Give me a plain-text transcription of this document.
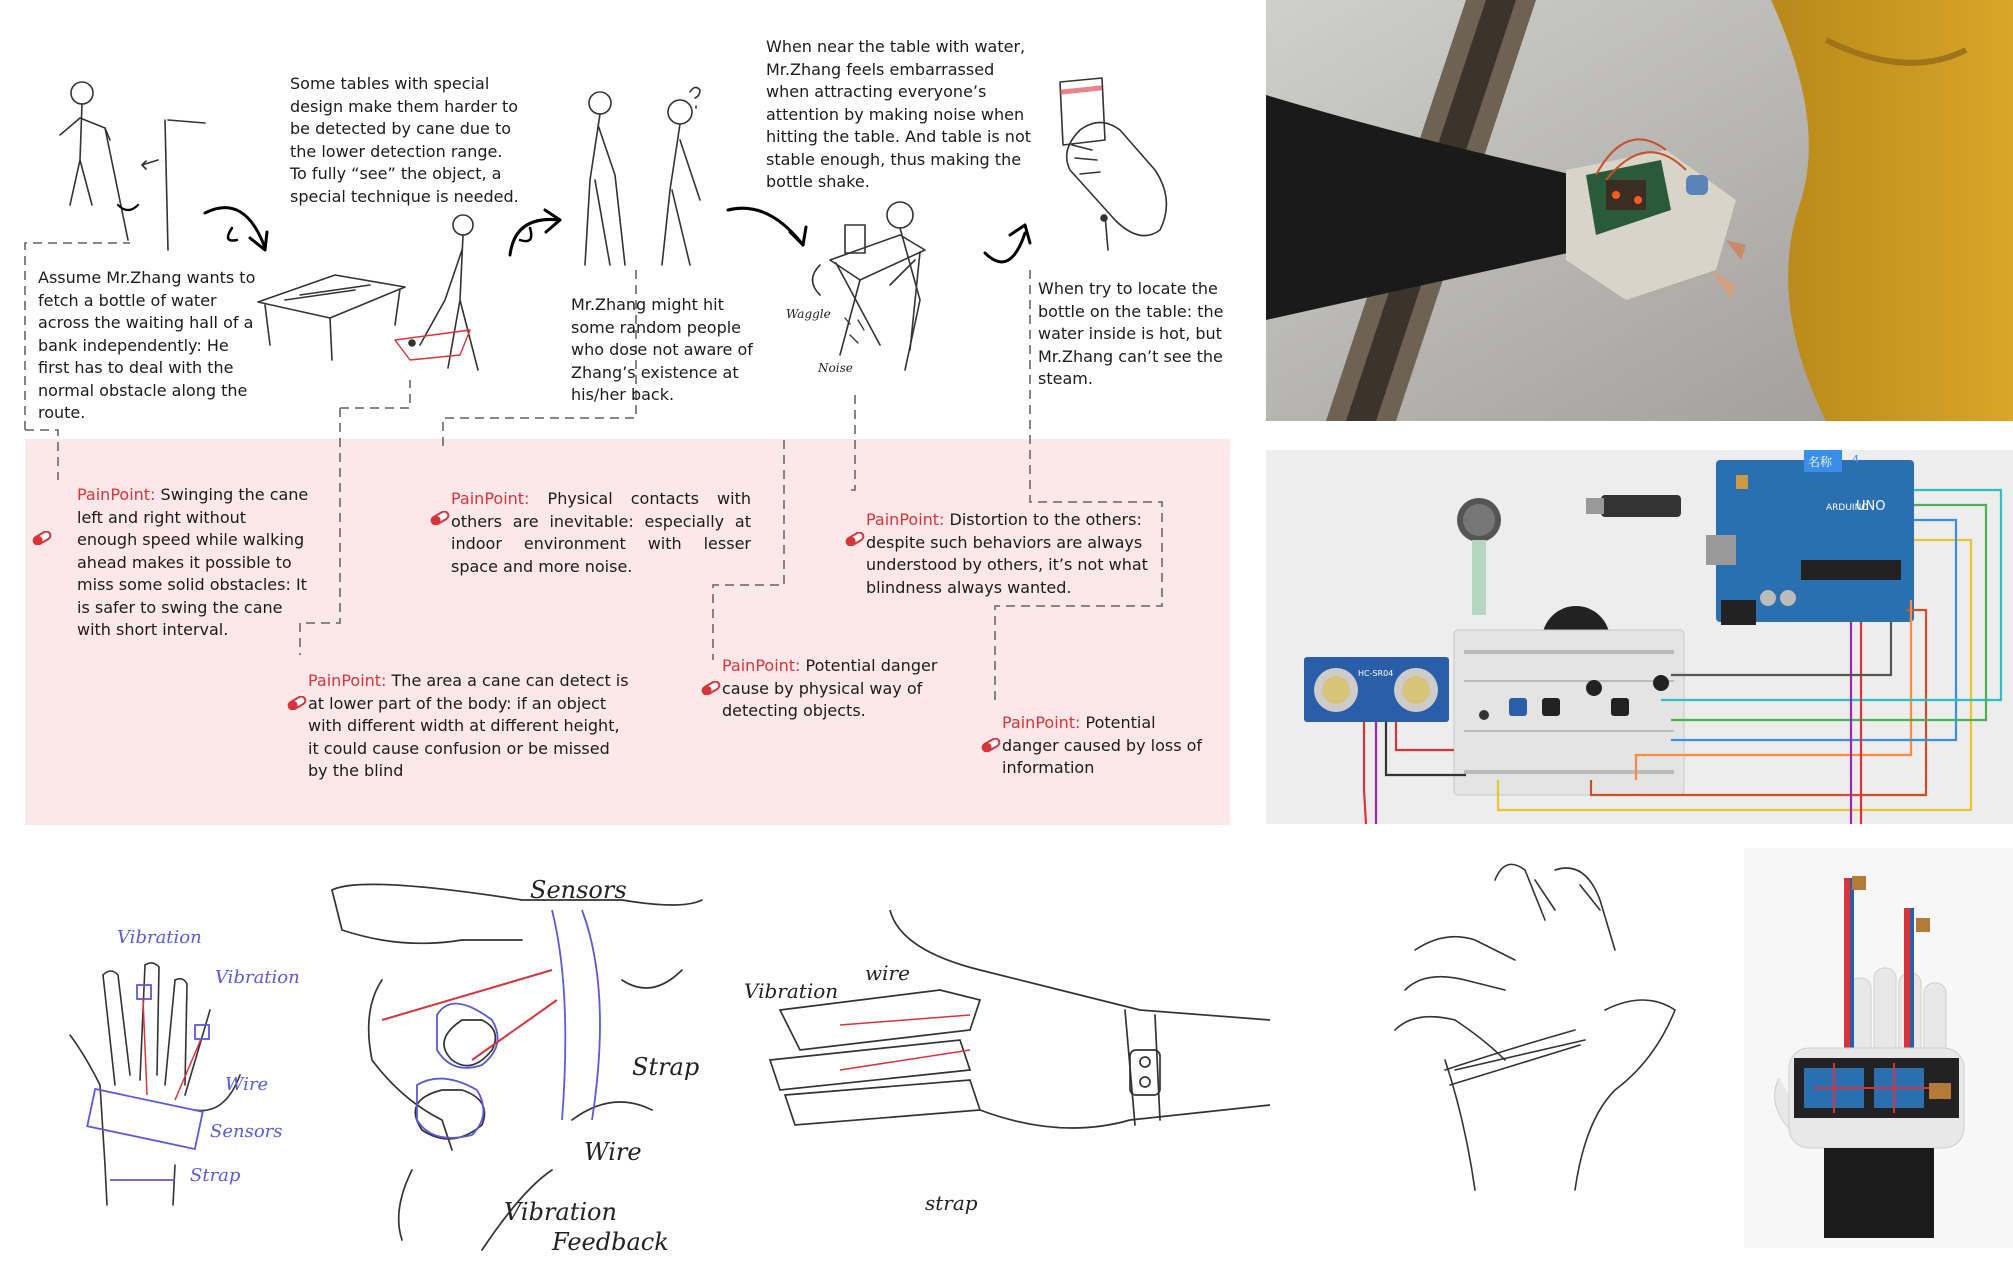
Waggle
Noise
Assume Mr.Zhang wants to fetch a bottle of water across the waiting hall of a bank independently: He first has to deal with the normal obstacle along the route.
Some tables with special design make them harder to be detected by cane due to the lower detection range. To fully “see” the object, a special technique is needed.
Mr.Zhang might hit some random people who dose not aware of Zhang’s existence at his/her back.
When near the table with water, Mr.Zhang feels embarrassed when attracting everyone’s attention by making noise when hitting the table. And table is not stable enough, thus making the bottle shake.
When try to locate the bottle on the table: the water inside is hot, but Mr.Zhang can’t see the steam.
PainPoint: Swinging the cane left and right without enough speed while walking ahead makes it possible to miss some solid obstacles: It is safer to swing the cane with short interval.
PainPoint: The area a cane can detect is at lower part of the body: if an object with different width at different height, it could cause confusion or be missed by the blind
PainPoint: Physical contacts with others are inevitable: especially at indoor environment with lesser space and more noise.
PainPoint: Potential danger cause by physical way of detecting objects.
PainPoint: Distortion to the others: despite such behaviors are always understood by others, it’s not what blindness always wanted.
PainPoint: Potential danger caused by loss of information
ARDUINO
UNO
名称 4
HC-SR04
Vibration
Vibration
Wire
Sensors
Strap
Sensors
Strap
Wire
Vibration
Feedback
Vibration
wire
strap
